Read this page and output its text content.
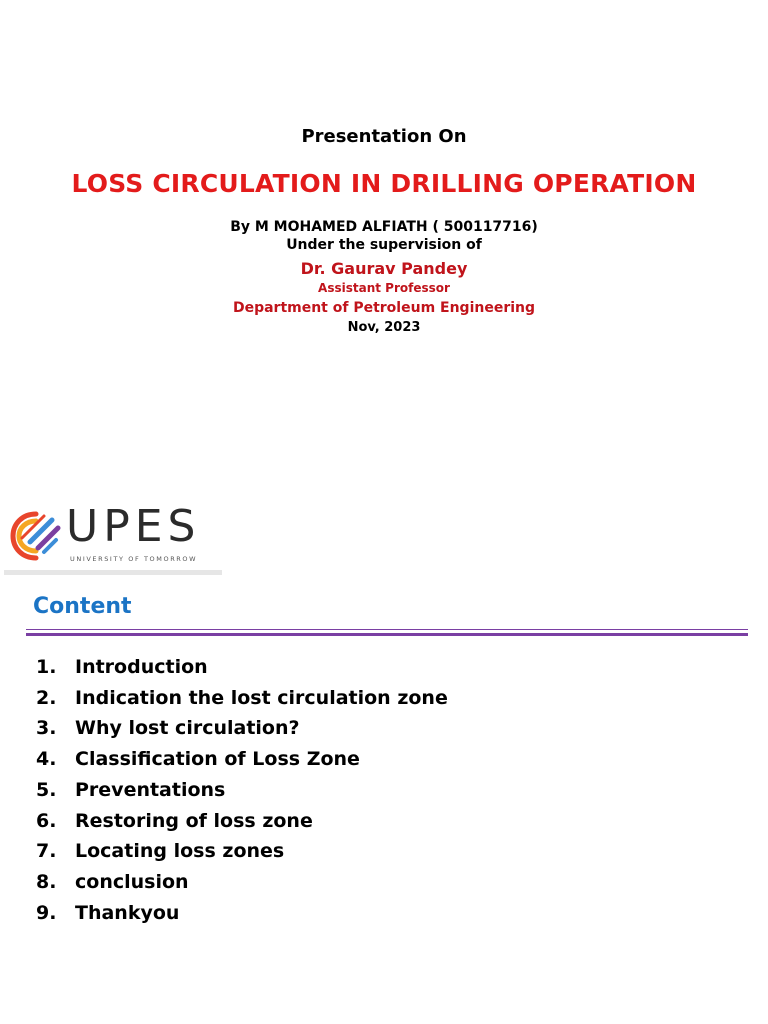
Presentation On

LOSS CIRCULATION IN DRILLING OPERATION

By M MOHAMED ALFIATH ( 500117716)

Under the supervision of

Dr. Gaurav Pandey

Assistant Professor

Department of Petroleum Engineering

Nov, 2023

UPES
UNIVERSITY OF TOMORROW
Content
1. Introduction
2. Indication the lost circulation zone
3. Why lost circulation?
4. Classification of Loss Zone
5. Preventations
6. Restoring of loss zone
7. Locating loss zones
8. conclusion
9. Thankyou
